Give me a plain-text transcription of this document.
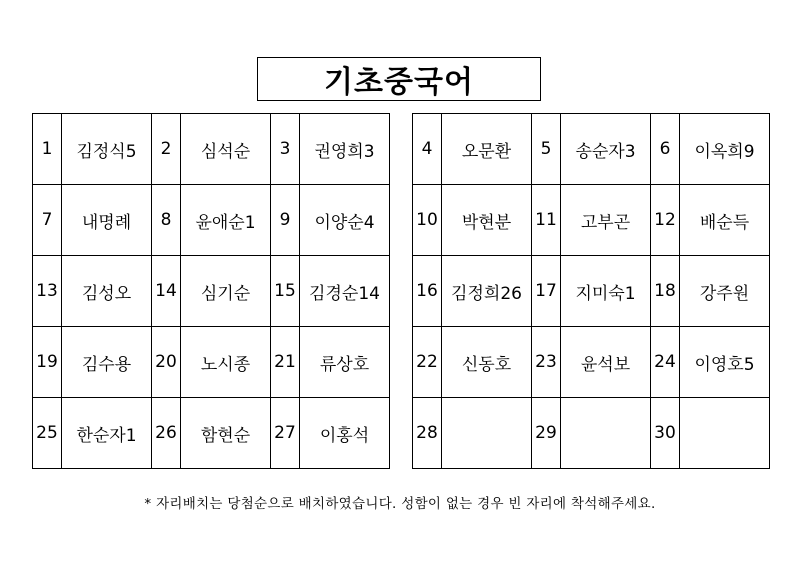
기초중국어
1	김정식5	2	심석순	3	권영희3
7	내명례	8	윤애순1	9	이양순4
13	김성오	14	심기순	15	김경순14
19	김수용	20	노시종	21	류상호
25	한순자1	26	함현순	27	이홍석
4	오문환	5	송순자3	6	이옥희9
10	박현분	11	고부곤	12	배순득
16	김정희26	17	지미숙1	18	강주원
22	신동호	23	윤석보	24	이영호5
28		29		30	
* 자리배치는 당첨순으로 배치하였습니다. 성함이 없는 경우 빈 자리에 착석해주세요.
